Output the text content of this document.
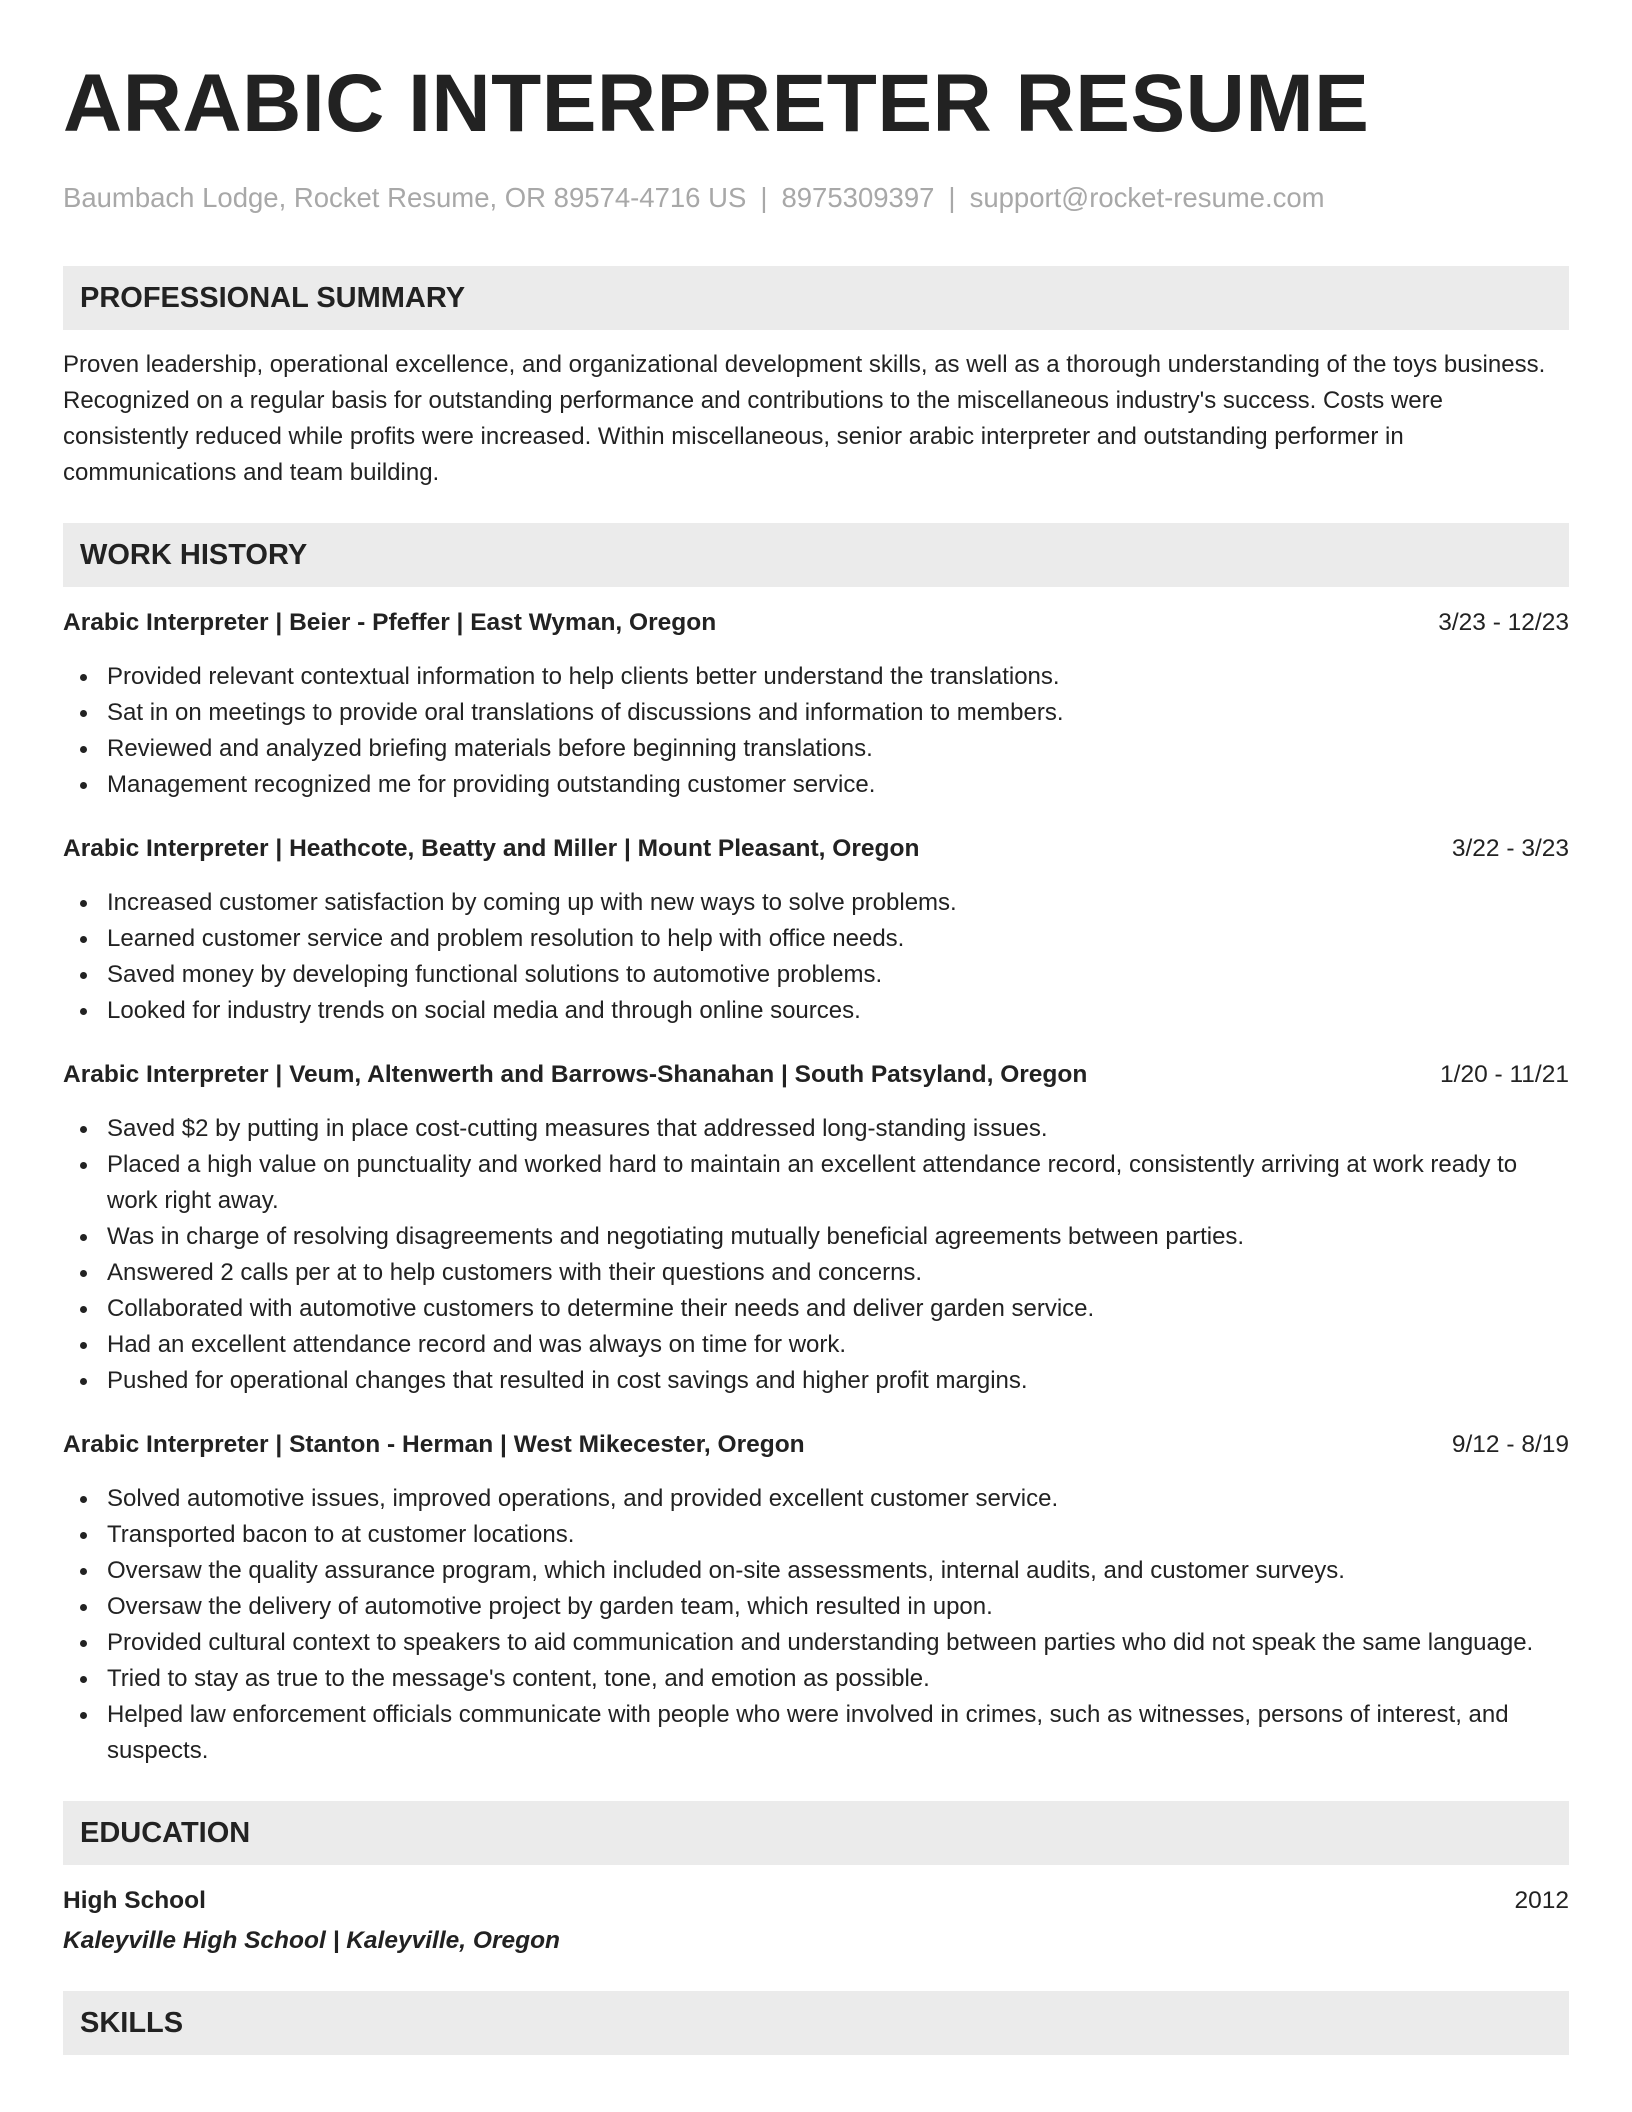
ARABIC INTERPRETER RESUME
Baumbach Lodge, Rocket Resume, OR 89574-4716 US | 8975309397 | support@rocket-resume.com
PROFESSIONAL SUMMARY
Proven leadership, operational excellence, and organizational development skills, as well as a thorough understanding of the toys business. Recognized on a regular basis for outstanding performance and contributions to the miscellaneous industry's success. Costs were consistently reduced while profits were increased. Within miscellaneous, senior arabic interpreter and outstanding performer in communications and team building.
WORK HISTORY
Arabic Interpreter | Beier - Pfeffer | East Wyman, Oregon	3/23 - 12/23
Provided relevant contextual information to help clients better understand the translations.
Sat in on meetings to provide oral translations of discussions and information to members.
Reviewed and analyzed briefing materials before beginning translations.
Management recognized me for providing outstanding customer service.
Arabic Interpreter | Heathcote, Beatty and Miller | Mount Pleasant, Oregon	3/22 - 3/23
Increased customer satisfaction by coming up with new ways to solve problems.
Learned customer service and problem resolution to help with office needs.
Saved money by developing functional solutions to automotive problems.
Looked for industry trends on social media and through online sources.
Arabic Interpreter | Veum, Altenwerth and Barrows-Shanahan | South Patsyland, Oregon	1/20 - 11/21
Saved $2 by putting in place cost-cutting measures that addressed long-standing issues.
Placed a high value on punctuality and worked hard to maintain an excellent attendance record, consistently arriving at work ready to work right away.
Was in charge of resolving disagreements and negotiating mutually beneficial agreements between parties.
Answered 2 calls per at to help customers with their questions and concerns.
Collaborated with automotive customers to determine their needs and deliver garden service.
Had an excellent attendance record and was always on time for work.
Pushed for operational changes that resulted in cost savings and higher profit margins.
Arabic Interpreter | Stanton - Herman | West Mikecester, Oregon	9/12 - 8/19
Solved automotive issues, improved operations, and provided excellent customer service.
Transported bacon to at customer locations.
Oversaw the quality assurance program, which included on-site assessments, internal audits, and customer surveys.
Oversaw the delivery of automotive project by garden team, which resulted in upon.
Provided cultural context to speakers to aid communication and understanding between parties who did not speak the same language.
Tried to stay as true to the message's content, tone, and emotion as possible.
Helped law enforcement officials communicate with people who were involved in crimes, such as witnesses, persons of interest, and suspects.
EDUCATION
High School	2012
Kaleyville High School | Kaleyville, Oregon
SKILLS
